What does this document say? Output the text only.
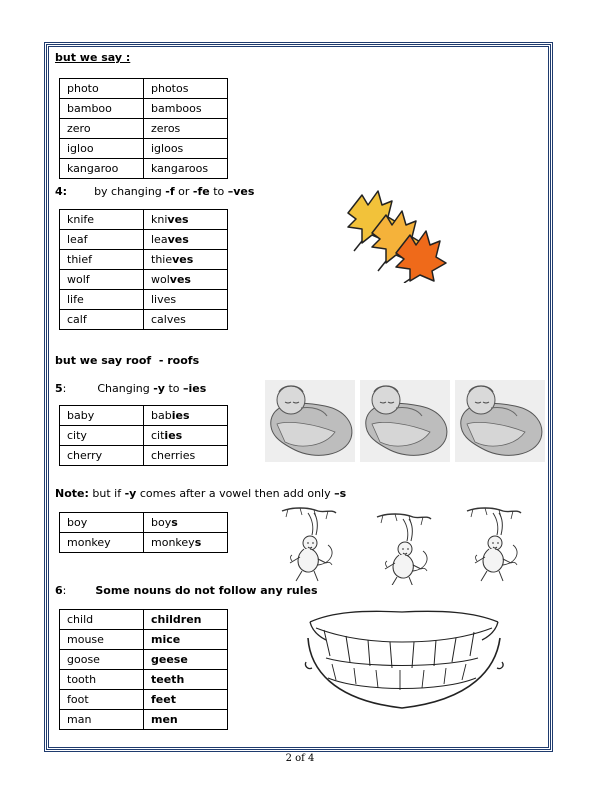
but we say :
photo	photos
bamboo	bamboos
zero	zeros
igloo	igloos
kangaroo	kangaroos
4: by changing -f or -fe to –ves
knife	knives
leaf	leaves
thief	thieves
wolf	wolves
life	lives
calf	calves
but we say roof  - roofs
5:	Changing -y to –ies
baby	babies
city	cities
cherry	cherries
Note: but if -y comes after a vowel then add only –s
boy	boys
monkey	monkeys
6:	Some nouns do not follow any rules
child	children
mouse	mice
goose	geese
tooth	teeth
foot	feet
man	men
2 of 4
